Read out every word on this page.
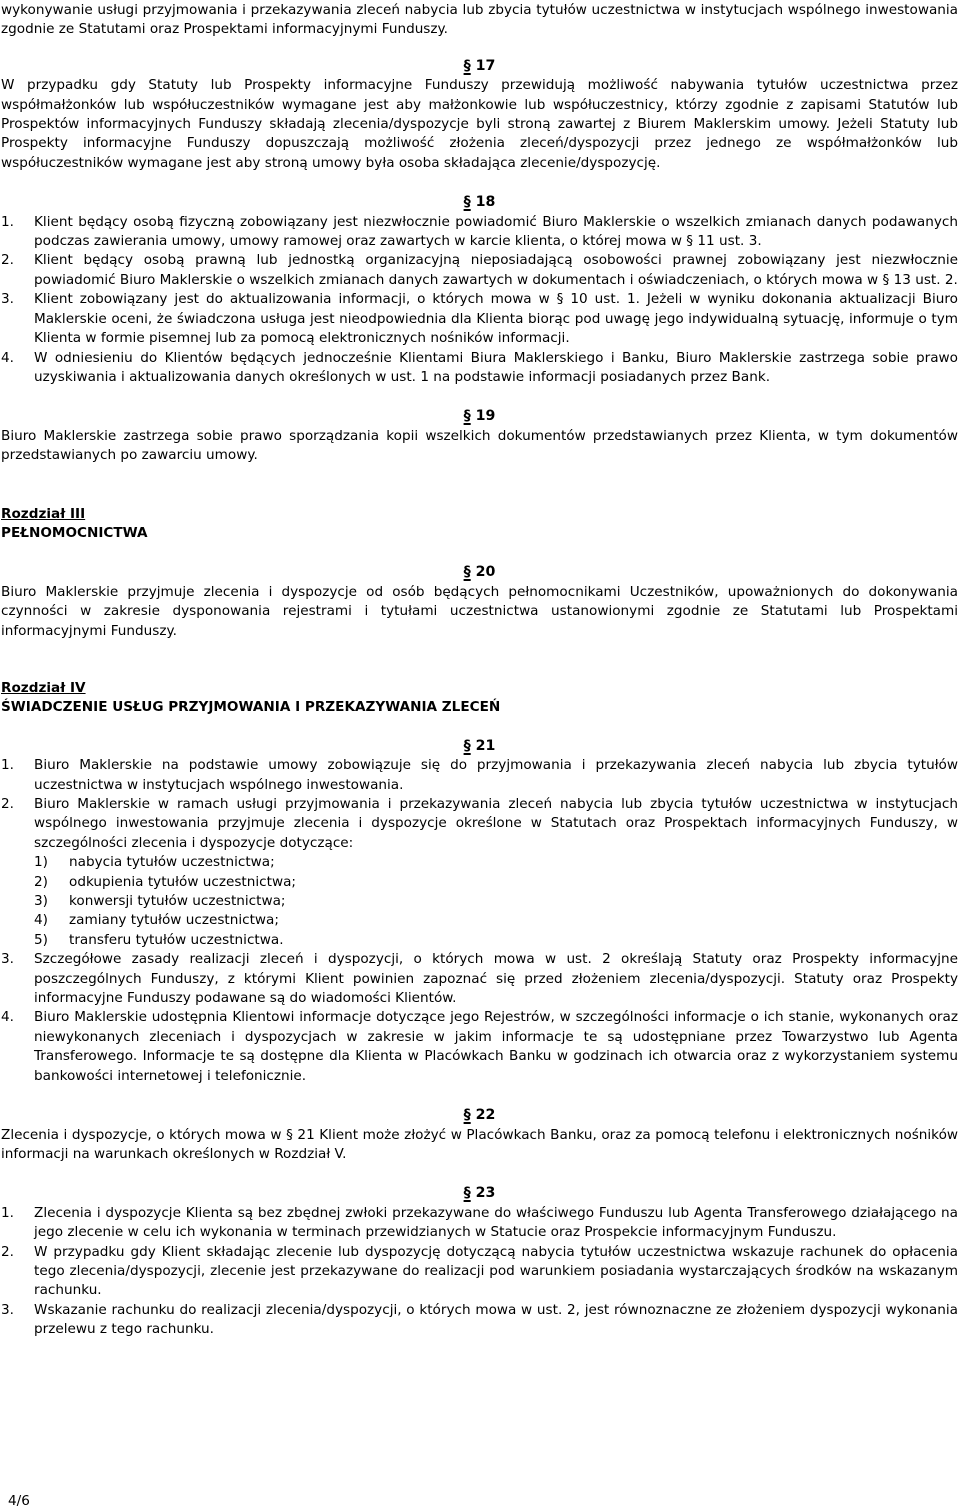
wykonywanie usługi przyjmowania i przekazywania zleceń nabycia lub zbycia tytułów uczestnictwa w instytucjach wspólnego inwestowania zgodnie ze Statutami oraz Prospektami informacyjnymi Funduszy.

§ 17

W przypadku gdy Statuty lub Prospekty informacyjne Funduszy przewidują możliwość nabywania tytułów uczestnictwa przez współmałżonków lub współuczestników wymagane jest aby małżonkowie lub współuczestnicy, którzy zgodnie z zapisami Statutów lub Prospektów informacyjnych Funduszy składają zlecenia/dyspozycje byli stroną zawartej z Biurem Maklerskim umowy. Jeżeli Statuty lub Prospekty informacyjne Funduszy dopuszczają możliwość złożenia zleceń/dyspozycji przez jednego ze współmałżonków lub współuczestników wymagane jest aby stroną umowy była osoba składająca zlecenie/dyspozycję.

§ 18

1.	Klient będący osobą fizyczną zobowiązany jest niezwłocznie powiadomić Biuro Maklerskie o wszelkich zmianach danych podawanych podczas zawierania umowy, umowy ramowej oraz zawartych w karcie klienta, o której mowa w § 11 ust. 3.
2.	Klient będący osobą prawną lub jednostką organizacyjną nieposiadającą osobowości prawnej zobowiązany jest niezwłocznie powiadomić Biuro Maklerskie o wszelkich zmianach danych zawartych w dokumentach i oświadczeniach, o których mowa w § 13 ust. 2.
3.	Klient zobowiązany jest do aktualizowania informacji, o których mowa w § 10 ust. 1. Jeżeli w wyniku dokonania aktualizacji Biuro Maklerskie oceni, że świadczona usługa jest nieodpowiednia dla Klienta biorąc pod uwagę jego indywidualną sytuację, informuje o tym Klienta w formie pisemnej lub za pomocą elektronicznych nośników informacji.
4.	W odniesieniu do Klientów będących jednocześnie Klientami Biura Maklerskiego i Banku, Biuro Maklerskie zastrzega sobie prawo uzyskiwania i aktualizowania danych określonych w ust. 1 na podstawie informacji posiadanych przez Bank.

§ 19

Biuro Maklerskie zastrzega sobie prawo sporządzania kopii wszelkich dokumentów przedstawianych przez Klienta, w tym dokumentów przedstawianych po zawarciu umowy.

Rozdział III

PEŁNOMOCNICTWA

§ 20

Biuro Maklerskie przyjmuje zlecenia i dyspozycje od osób będących pełnomocnikami Uczestników, upoważnionych do dokonywania czynności w zakresie dysponowania rejestrami i tytułami uczestnictwa ustanowionymi zgodnie ze Statutami lub Prospektami informacyjnymi Funduszy.

Rozdział IV

ŚWIADCZENIE USŁUG PRZYJMOWANIA I PRZEKAZYWANIA ZLECEŃ

§ 21

1.	Biuro Maklerskie na podstawie umowy zobowiązuje się do przyjmowania i przekazywania zleceń nabycia lub zbycia tytułów uczestnictwa w instytucjach wspólnego inwestowania.
2.	Biuro Maklerskie w ramach usługi przyjmowania i przekazywania zleceń nabycia lub zbycia tytułów uczestnictwa w instytucjach wspólnego inwestowania przyjmuje zlecenia i dyspozycje określone w Statutach oraz Prospektach informacyjnych Funduszy, w szczególności zlecenia i dyspozycje dotyczące:
1)	nabycia tytułów uczestnictwa;
2)	odkupienia tytułów uczestnictwa;
3)	konwersji tytułów uczestnictwa;
4)	zamiany tytułów uczestnictwa;
5)	transferu tytułów uczestnictwa.
3.	Szczegółowe zasady realizacji zleceń i dyspozycji, o których mowa w ust. 2 określają Statuty oraz Prospekty informacyjne poszczególnych Funduszy, z którymi Klient powinien zapoznać się przed złożeniem zlecenia/dyspozycji. Statuty oraz Prospekty informacyjne Funduszy podawane są do wiadomości Klientów.
4.	Biuro Maklerskie udostępnia Klientowi informacje dotyczące jego Rejestrów, w szczególności informacje o ich stanie, wykonanych oraz niewykonanych zleceniach i dyspozycjach w zakresie w jakim informacje te są udostępniane przez Towarzystwo lub Agenta Transferowego. Informacje te są dostępne dla Klienta w Placówkach Banku w godzinach ich otwarcia oraz z wykorzystaniem systemu bankowości internetowej i telefonicznie.

§ 22

Zlecenia i dyspozycje, o których mowa w § 21 Klient może złożyć w Placówkach Banku, oraz za pomocą telefonu i elektronicznych nośników informacji na warunkach określonych w Rozdział V.

§ 23

1.	Zlecenia i dyspozycje Klienta są bez zbędnej zwłoki przekazywane do właściwego Funduszu lub Agenta Transferowego działającego na jego zlecenie w celu ich wykonania w terminach przewidzianych w Statucie oraz Prospekcie informacyjnym Funduszu.
2.	W przypadku gdy Klient składając zlecenie lub dyspozycję dotyczącą nabycia tytułów uczestnictwa wskazuje rachunek do opłacenia tego zlecenia/dyspozycji, zlecenie jest przekazywane do realizacji pod warunkiem posiadania wystarczających środków na wskazanym rachunku.
3.	Wskazanie rachunku do realizacji zlecenia/dyspozycji, o których mowa w ust. 2, jest równoznaczne ze złożeniem dyspozycji wykonania przelewu z tego rachunku.
4/6
